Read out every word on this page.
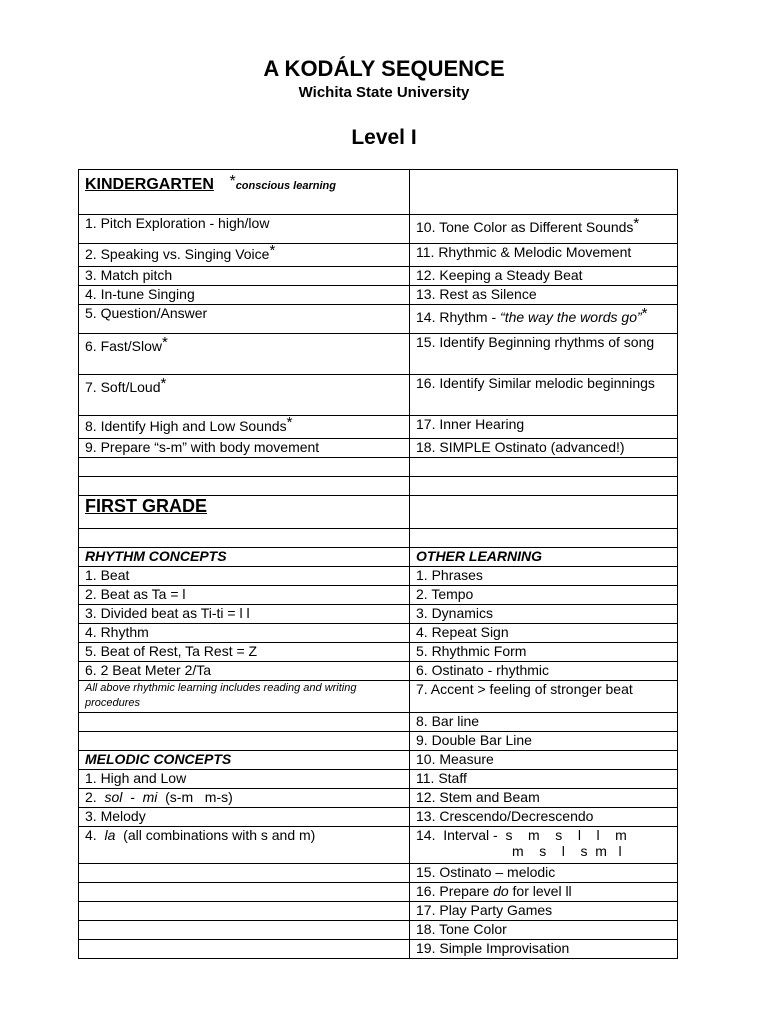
A KODÁLY SEQUENCE
Wichita State University
Level I
KINDERGARTEN *conscious learning	
1. Pitch Exploration - high/low	10. Tone Color as Different Sounds*
2. Speaking vs. Singing Voice*	11. Rhythmic & Melodic Movement
3. Match pitch	12. Keeping a Steady Beat
4. In-tune Singing	13. Rest as Silence
5. Question/Answer	14. Rhythm - “the way the words go”*
6. Fast/Slow*	15. Identify Beginning rhythms of song
7. Soft/Loud*	16. Identify Similar melodic beginnings
8. Identify High and Low Sounds*	17. Inner Hearing
9. Prepare “s-m” with body movement	18. SIMPLE Ostinato (advanced!)

FIRST GRADE	

RHYTHM CONCEPTS	OTHER LEARNING
1. Beat	1. Phrases
2. Beat as Ta = l	2. Tempo
3. Divided beat as Ti-ti = l l	3. Dynamics
4. Rhythm	4. Repeat Sign
5. Beat of Rest, Ta Rest = Z	5. Rhythmic Form
6. 2 Beat Meter 2/Ta	6. Ostinato - rhythmic
All above rhythmic learning includes reading and writing procedures	7. Accent > feeling of stronger beat
	8. Bar line
	9. Double Bar Line
MELODIC CONCEPTS	10. Measure
1. High and Low	11. Staff
2.  sol  -  mi  (s-m   m-s)	12. Stem and Beam
3. Melody	13. Crescendo/Decrescendo
4.  la  (all combinations with s and m)	14.  Interval -  s    m    s    l    l    m
m    s    l    s  m   l
	15. Ostinato – melodic
	16. Prepare do for level ll
	17. Play Party Games
	18. Tone Color
	19. Simple Improvisation
